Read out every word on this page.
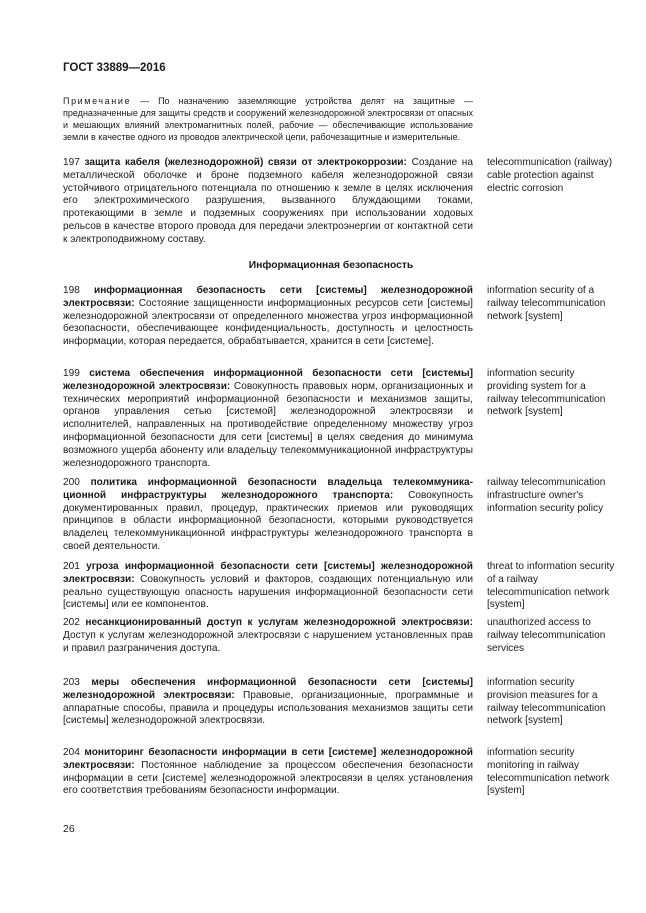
ГОСТ 33889—2016
Примечание — По назначению заземляющие устройства делят на защитные — предназначенные для защиты средств и сооружений железнодорожной электросвязи от опасных и мешающих влияний электромагнитных полей, рабочие — обеспечивающие использование земли в качестве одного из проводов электрической цепи, рабочезащитные и измерительные.
197 защита кабеля (железнодорожной) связи от электрокоррозии: Создание на металлической оболочке и броне подземного кабеля железнодорожной связи устойчивого отрицательного потенциала по отношению к земле в целях исключения его электрохимического разрушения, вызванного блуждающими токами, протекающими в земле и подземных сооружениях при использовании ходовых рельсов в качестве второго провода для передачи электроэнергии от контактной сети к электроподвижному составу.
telecommunication (railway) cable protection against electric corrosion
Информационная безопасность
198 информационная безопасность сети [системы] железнодорожной электросвязи: Состояние защищенности информационных ресурсов сети [системы] железнодорожной электросвязи от определенного множества угроз информационной безопасности, обеспечивающее конфиденциальность, доступность и целостность информации, которая передается, обрабатывается, хранится в сети [системе].
information security of a railway telecommunication network [system]
199 система обеспечения информационной безопасности сети [системы] железнодорожной электросвязи: Совокупность правовых норм, организационных и технических мероприятий информационной безопасности и механизмов защиты, органов управления сетью [системой] железнодорожной электросвязи и исполнителей, направленных на противодействие определенному множеству угроз информационной безопасности для сети [системы] в целях сведения до минимума возможного ущерба абоненту или владельцу телекоммуникационной инфраструктуры железнодорожного транспорта.
information security providing system for a railway telecommunication network [system]
200 политика информационной безопасности владельца телекоммуникационной инфраструктуры железнодорожного транспорта: Совокупность документированных правил, процедур, практических приемов или руководящих принципов в области информационной безопасности, которыми руководствуется владелец телекоммуникационной инфраструктуры железнодорожного транспорта в своей деятельности.
railway telecommunication infrastructure owner's information security policy
201 угроза информационной безопасности сети [системы] железнодорожной электросвязи: Совокупность условий и факторов, создающих потенциальную или реально существующую опасность нарушения информационной безопасности сети [системы] или ее компонентов.
threat to information security of a railway telecommunication network [system]
202 несанкционированный доступ к услугам железнодорожной электросвязи: Доступ к услугам железнодорожной электросвязи с нарушением установленных прав и правил разграничения доступа.
unauthorized access to railway telecommunication services
203 меры обеспечения информационной безопасности сети [системы] железнодорожной электросвязи: Правовые, организационные, программные и аппаратные способы, правила и процедуры использования механизмов защиты сети [системы] железнодорожной электросвязи.
information security provision measures for a railway telecommunication network [system]
204 мониторинг безопасности информации в сети [системе] железнодорожной электросвязи: Постоянное наблюдение за процессом обеспечения безопасности информации в сети [системе] железнодорожной электросвязи в целях установления его соответствия требованиям безопасности информации.
information security monitoring in railway telecommunication network [system]
26
